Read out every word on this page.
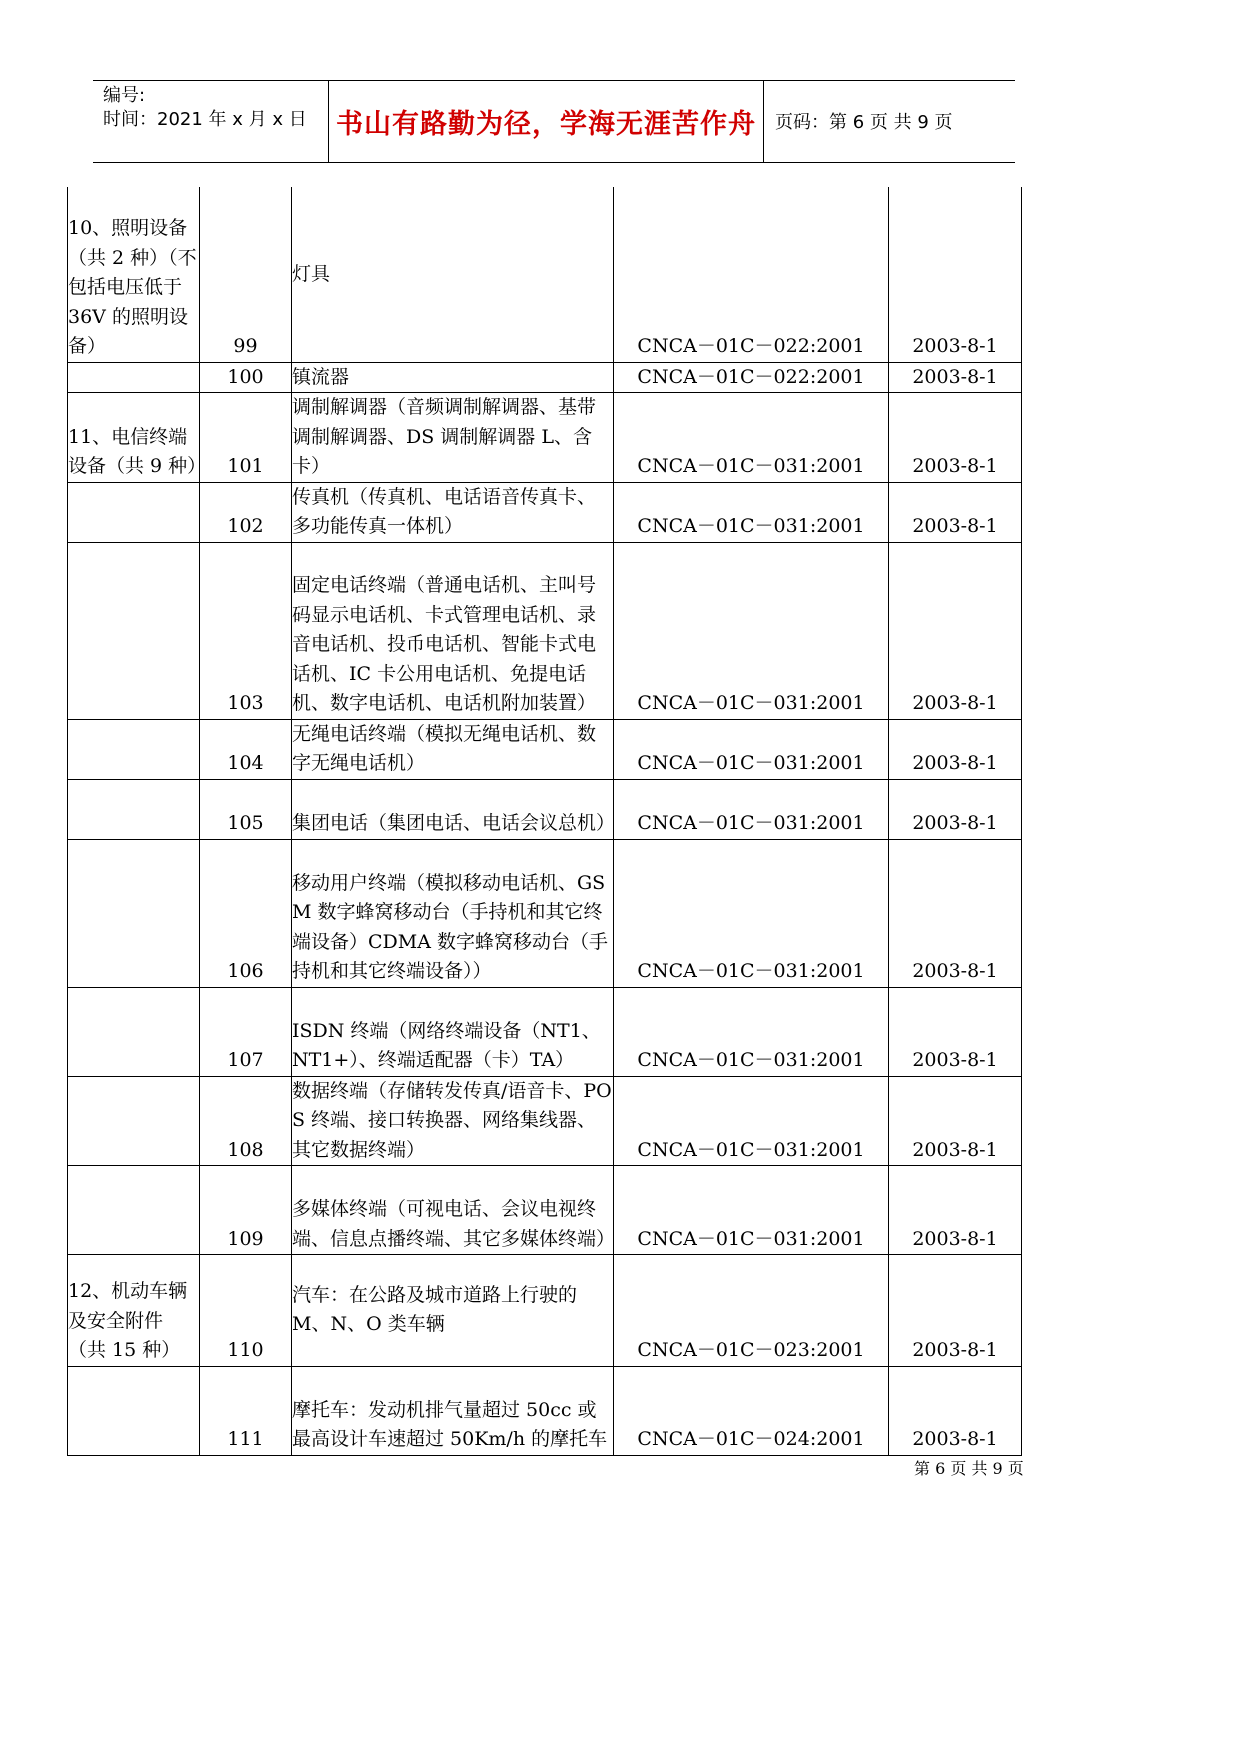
编号:
时间：2021 年 x 月 x 日	书山有路勤为径，学海无涯苦作舟	页码：第 6 页 共 9 页
10、照明设备（共 2 种）（不包括电压低于 36V 的照明设备）	99	灯具	CNCA－01C－022:2001	2003-8-1
	100	镇流器	CNCA－01C－022:2001	2003-8-1
11、电信终端设备（共 9 种）	101	调制解调器（音频调制解调器、基带调制解调器、DS 调制解调器 L、含卡）	CNCA－01C－031:2001	2003-8-1
	102	传真机（传真机、电话语音传真卡、多功能传真一体机）	CNCA－01C－031:2001	2003-8-1
	103	固定电话终端（普通电话机、主叫号码显示电话机、卡式管理电话机、录音电话机、投币电话机、智能卡式电话机、IC 卡公用电话机、免提电话机、数字电话机、电话机附加装置）	CNCA－01C－031:2001	2003-8-1
	104	无绳电话终端（模拟无绳电话机、数字无绳电话机）	CNCA－01C－031:2001	2003-8-1
	105	集团电话（集团电话、电话会议总机）	CNCA－01C－031:2001	2003-8-1
	106	移动用户终端（模拟移动电话机、GSM 数字蜂窝移动台（手持机和其它终端设备）CDMA 数字蜂窝移动台（手持机和其它终端设备））	CNCA－01C－031:2001	2003-8-1
	107	ISDN 终端（网络终端设备（NT1、NT1+）、终端适配器（卡）TA）	CNCA－01C－031:2001	2003-8-1
	108	数据终端（存储转发传真/语音卡、POS 终端、接口转换器、网络集线器、其它数据终端）	CNCA－01C－031:2001	2003-8-1
	109	多媒体终端（可视电话、会议电视终端、信息点播终端、其它多媒体终端）	CNCA－01C－031:2001	2003-8-1
12、机动车辆及安全附件（共 15 种）	110	汽车：在公路及城市道路上行驶的 M、N、O 类车辆	CNCA－01C－023:2001	2003-8-1
	111	摩托车：发动机排气量超过 50cc 或最高设计车速超过 50Km/h 的摩托车	CNCA－01C－024:2001	2003-8-1
第 6 页 共 9 页
